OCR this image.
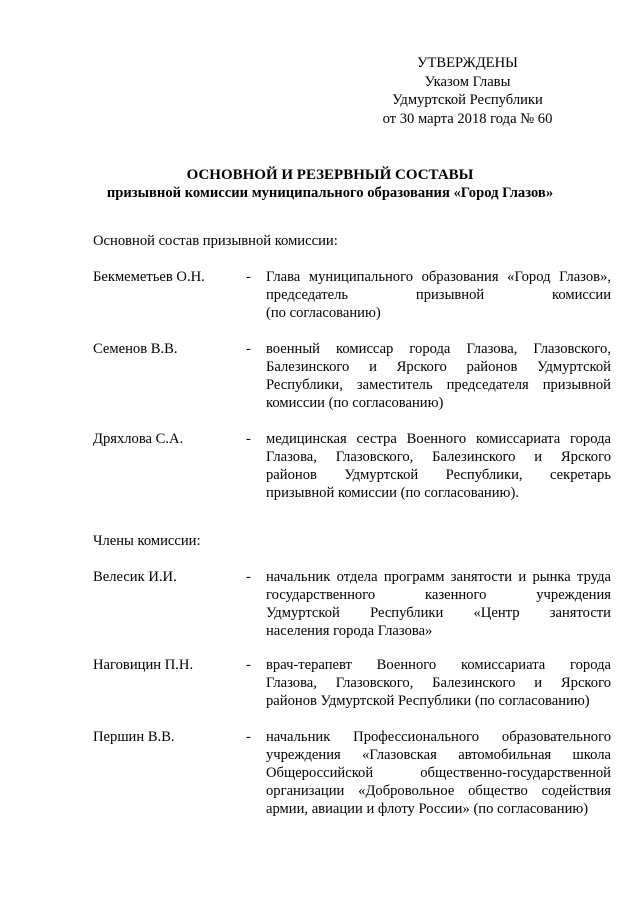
УТВЕРЖДЕНЫ
Указом Главы
Удмуртской Республики
от 30 марта 2018 года № 60
ОСНОВНОЙ И РЕЗЕРВНЫЙ СОСТАВЫ
призывной комиссии муниципального образования «Город Глазов»
Основной состав призывной комиссии:
Бекмеметьев О.Н.	- Глава муниципального образования «Город Глазов»,
председатель призывной комиссии
(по согласованию)
Семенов В.В.	- военный комиссар города Глазова, Глазовского,
Балезинского и Ярского районов Удмуртской
Республики, заместитель председателя призывной
комиссии (по согласованию)
Дряхлова С.А.	- медицинская сестра Военного комиссариата города
Глазова, Глазовского, Балезинского и Ярского
районов Удмуртской Республики, секретарь
призывной комиссии (по согласованию).
Члены комиссии:
Велесик И.И.	- начальник отдела программ занятости и рынка труда
государственного казенного учреждения
Удмуртской Республики «Центр занятости
населения города Глазова»
Наговицин П.Н.	- врач-терапевт Военного комиссариата города
Глазова, Глазовского, Балезинского и Ярского
районов Удмуртской Республики (по согласованию)
Першин В.В.	- начальник Профессионального образовательного
учреждения «Глазовская автомобильная школа
Общероссийской общественно-государственной
организации «Добровольное общество содействия
армии, авиации и флоту России» (по согласованию)
